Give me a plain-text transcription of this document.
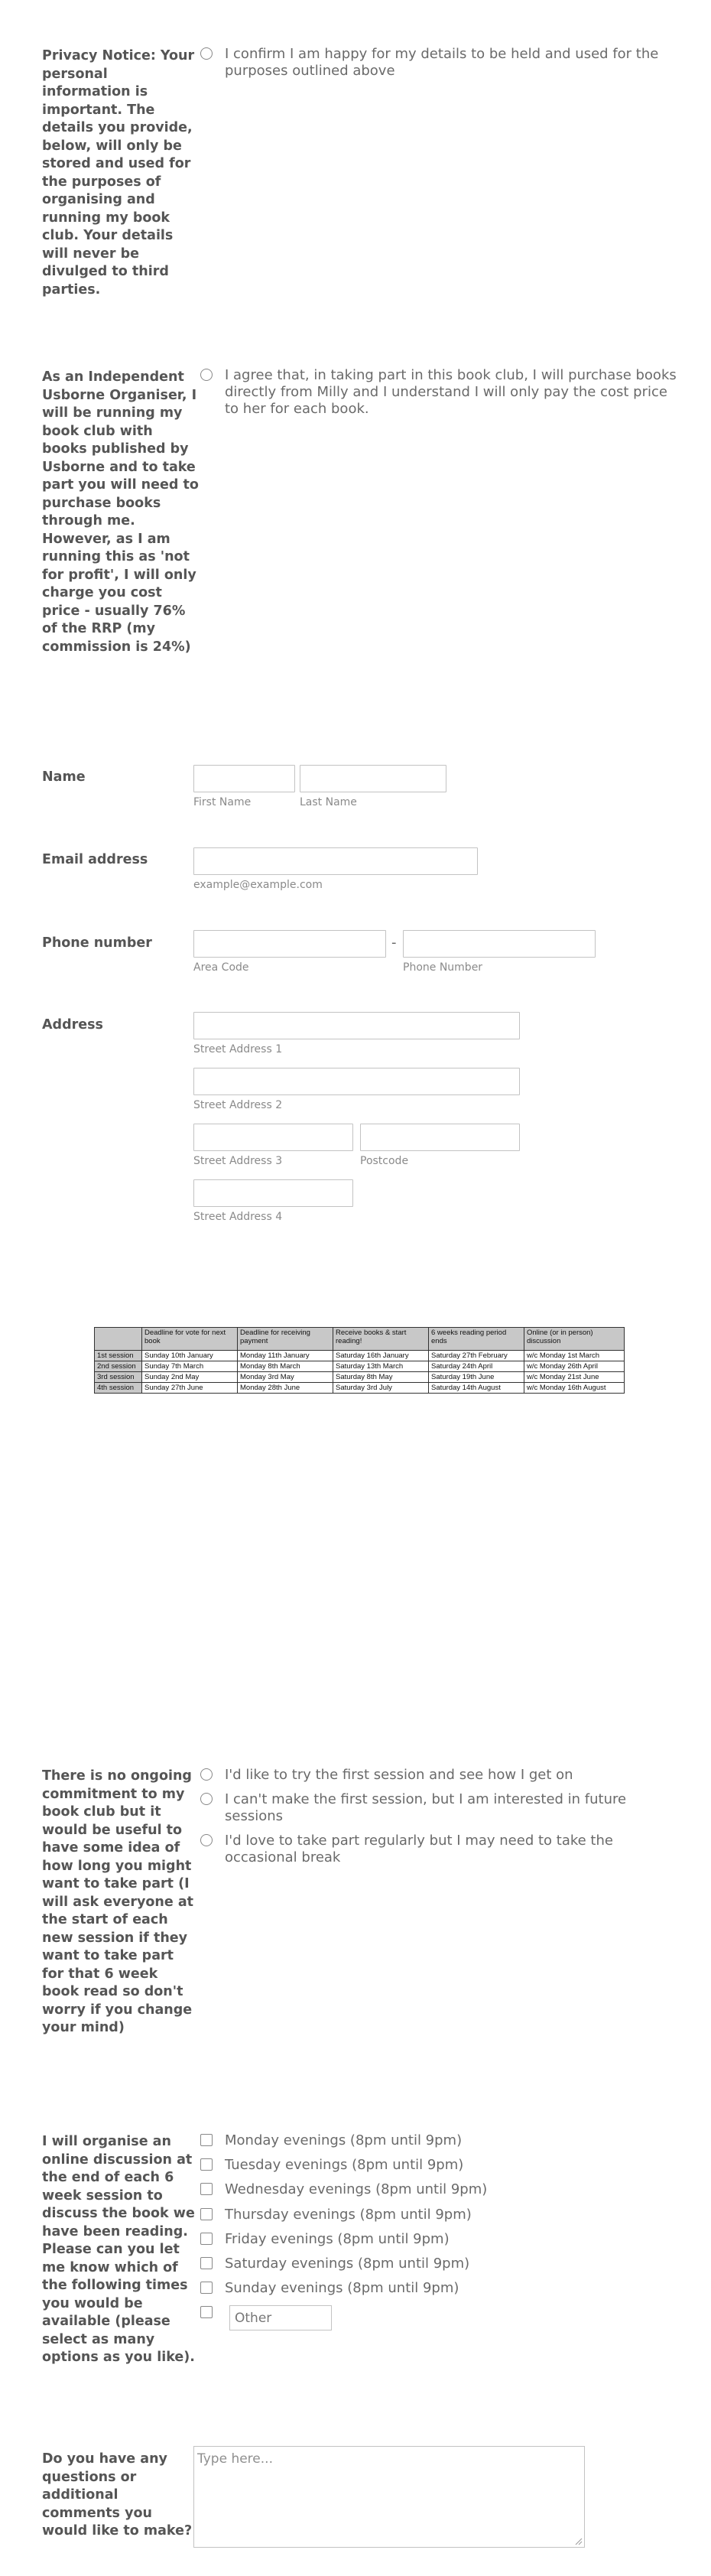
Privacy Notice: Your personal information is important. The details you provide, below, will only be stored and used for the purposes of organising and running my book club. Your details will never be divulged to third parties.
I confirm I am happy for my details to be held and used for the purposes outlined above
As an Independent Usborne Organiser, I will be running my book club with books published by Usborne and to take part you will need to purchase books through me. However, as I am running this as 'not for profit', I will only charge you cost price - usually 76% of the RRP (my commission is 24%)
I agree that, in taking part in this book club, I will purchase books directly from Milly and I understand I will only pay the cost price to her for each book.
Name
First Name	Last Name
Email address
example@example.com
Phone number	-
Area Code	Phone Number
Address
Street Address 1
Street Address 2
Street Address 3	Postcode
Street Address 4
	Deadline for vote for next book	Deadline for receiving payment	Receive books & start reading!	6 weeks reading period ends	Online (or in person) discussion
1st session	Sunday 10th January	Monday 11th January	Saturday 16th January	Saturday 27th February	w/c Monday 1st March
2nd session	Sunday 7th March	Monday 8th March	Saturday 13th March	Saturday 24th April	w/c Monday 26th April
3rd session	Sunday 2nd May	Monday 3rd May	Saturday 8th May	Saturday 19th June	w/c Monday 21st June
4th session	Sunday 27th June	Monday 28th June	Saturday 3rd July	Saturday 14th August	w/c Monday 16th August
There is no ongoing commitment to my book club but it would be useful to have some idea of how long you might want to take part (I will ask everyone at the start of each new session if they want to take part for that 6 week book read so don't worry if you change your mind)
I'd like to try the first session and see how I get on
I can't make the first session, but I am interested in future sessions
I'd love to take part regularly but I may need to take the occasional break
I will organise an online discussion at the end of each 6 week session to discuss the book we have been reading. Please can you let me know which of the following times you would be available (please select as many options as you like).
Monday evenings (8pm until 9pm)
Tuesday evenings (8pm until 9pm)
Wednesday evenings (8pm until 9pm)
Thursday evenings (8pm until 9pm)
Friday evenings (8pm until 9pm)
Saturday evenings (8pm until 9pm)
Sunday evenings (8pm until 9pm)
Other
Do you have any questions or additional comments you would like to make?
Type here...
